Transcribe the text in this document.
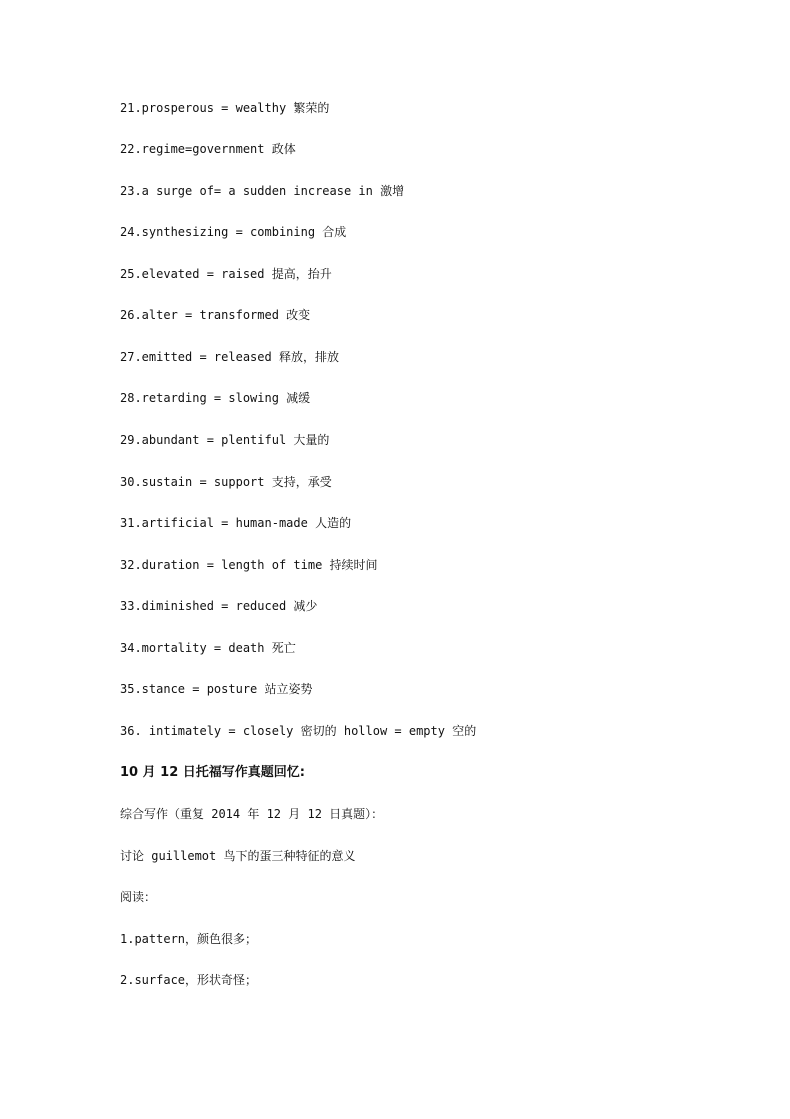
21.prosperous = wealthy 繁荣的

22.regime=government 政体

23.a surge of= a sudden increase in 激增

24.synthesizing = combining 合成

25.elevated = raised 提高，抬升

26.alter = transformed 改变

27.emitted = released 释放，排放

28.retarding = slowing 减缓

29.abundant = plentiful 大量的

30.sustain = support 支持，承受

31.artificial = human-made 人造的

32.duration = length of time 持续时间

33.diminished = reduced 减少

34.mortality = death 死亡

35.stance = posture 站立姿势

36. intimately = closely 密切的 hollow = empty 空的

10 月 12 日托福写作真题回忆:

综合写作（重复 2014 年 12 月 12 日真题）：

讨论 guillemot 鸟下的蛋三种特征的意义

阅读：

1.pattern，颜色很多；

2.surface，形状奇怪；
